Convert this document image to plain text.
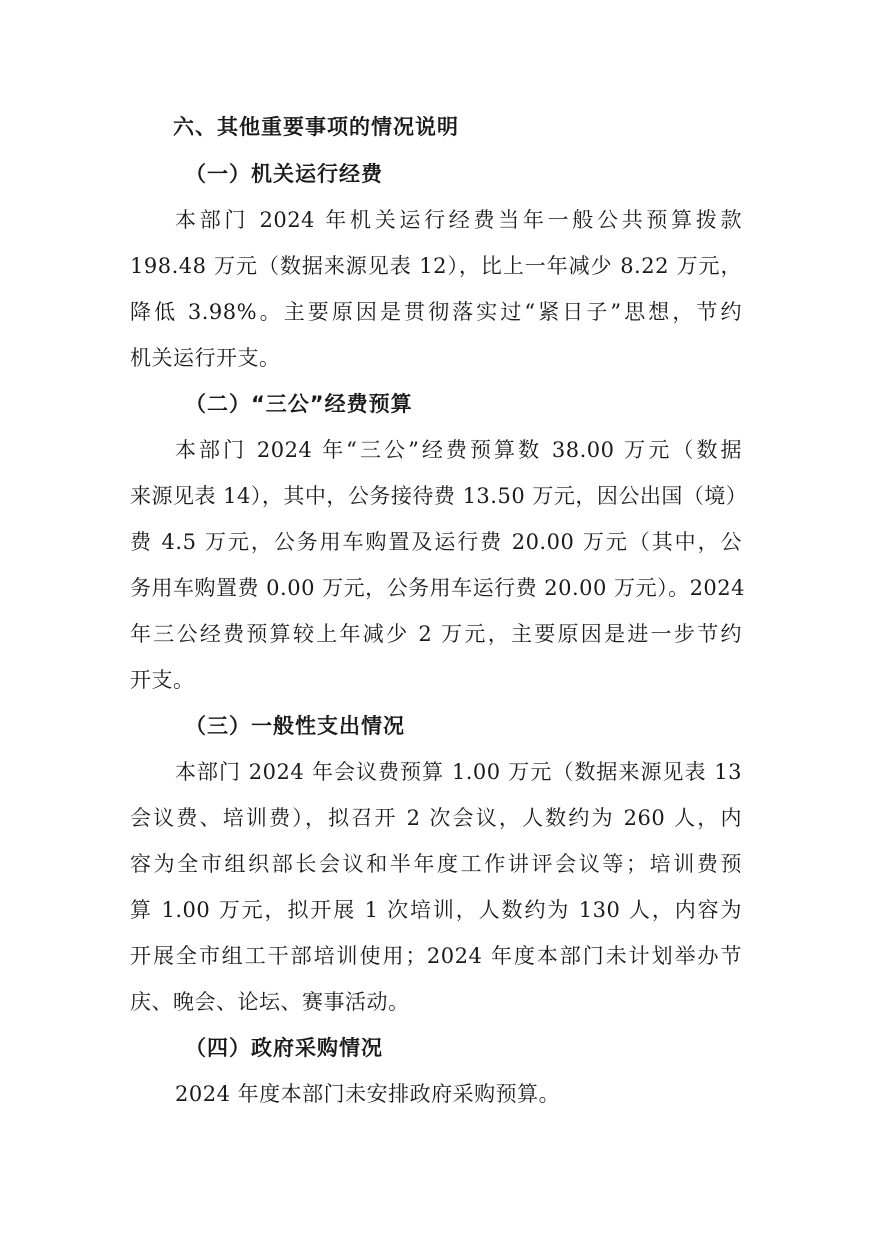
六、其他重要事项的情况说明
（一）机关运行经费
本部门 2024 年机关运行经费当年一般公共预算拨款
198.48 万元（数据来源见表 12），比上一年减少 8.22 万元，
降低 3.98%。主要原因是贯彻落实过“紧日子”思想，节约
机关运行开支。
（二）“三公”经费预算
本部门 2024 年“三公”经费预算数 38.00 万元（数据
来源见表 14），其中，公务接待费 13.50 万元，因公出国（境）
费 4.5 万元，公务用车购置及运行费 20.00 万元（其中，公
务用车购置费 0.00 万元，公务用车运行费 20.00 万元）。2024
年三公经费预算较上年减少 2 万元，主要原因是进一步节约
开支。
（三）一般性支出情况
本部门 2024 年会议费预算 1.00 万元（数据来源见表 13
会议费、培训费），拟召开 2 次会议，人数约为 260 人，内
容为全市组织部长会议和半年度工作讲评会议等；培训费预
算 1.00 万元，拟开展 1 次培训，人数约为 130 人，内容为
开展全市组工干部培训使用；2024 年度本部门未计划举办节
庆、晚会、论坛、赛事活动。
（四）政府采购情况
2024 年度本部门未安排政府采购预算。
